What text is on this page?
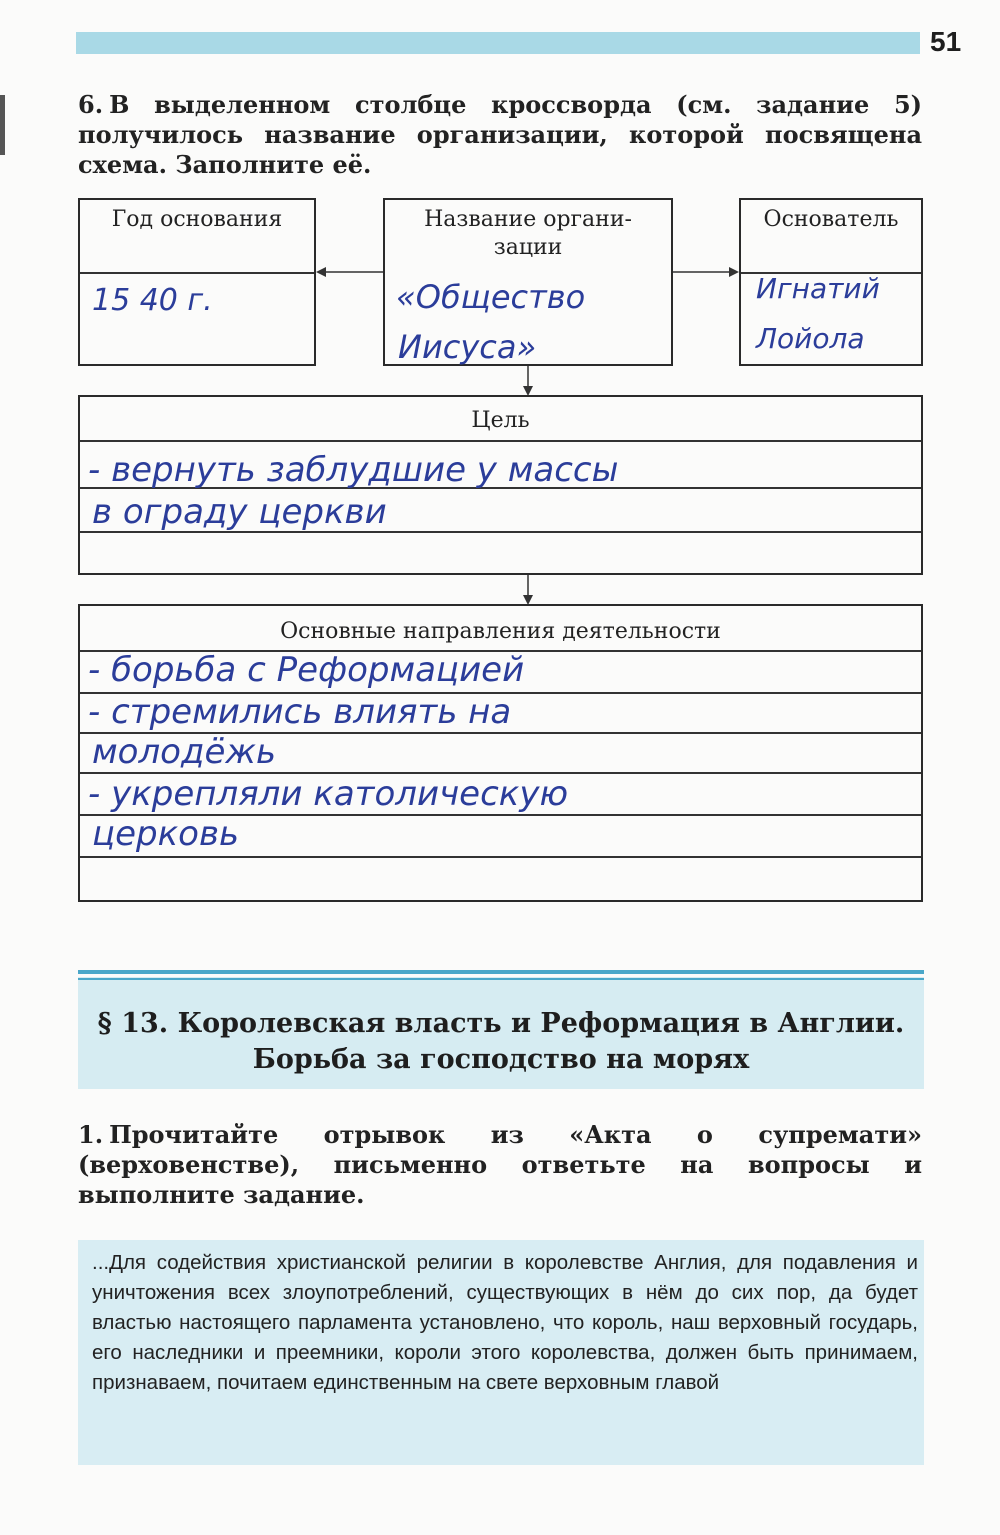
51
6. В выделенном столбце кроссворда (см. задание 5) получилось название организации, которой посвящена схема. Заполните её.
Год основания
15 40 г.
Название органи-зации
«Общество
Иисуса»
Основатель
Игнатий
Лойола
Цель
- вернуть заблудшие у массы
в ограду церкви
Основные направления деятельности
- борьба с Реформацией
- стремились влиять на
молодёжь
- укрепляли католическую
церковь
§ 13. Королевская власть и Реформация в Англии. Борьба за господство на морях
1. Прочитайте отрывок из «Акта о супремати» (верховенстве), письменно ответьте на вопросы и выполните задание.
...Для содействия христианской религии в королевстве Англия, для подавления и уничтожения всех злоупотреблений, существующих в нём до сих пор, да будет властью настоящего парламента установлено, что король, наш верховный государь, его наследники и преемники, короли этого королевства, должен быть принимаем, признаваем, почитаем единственным на свете верховным главой
